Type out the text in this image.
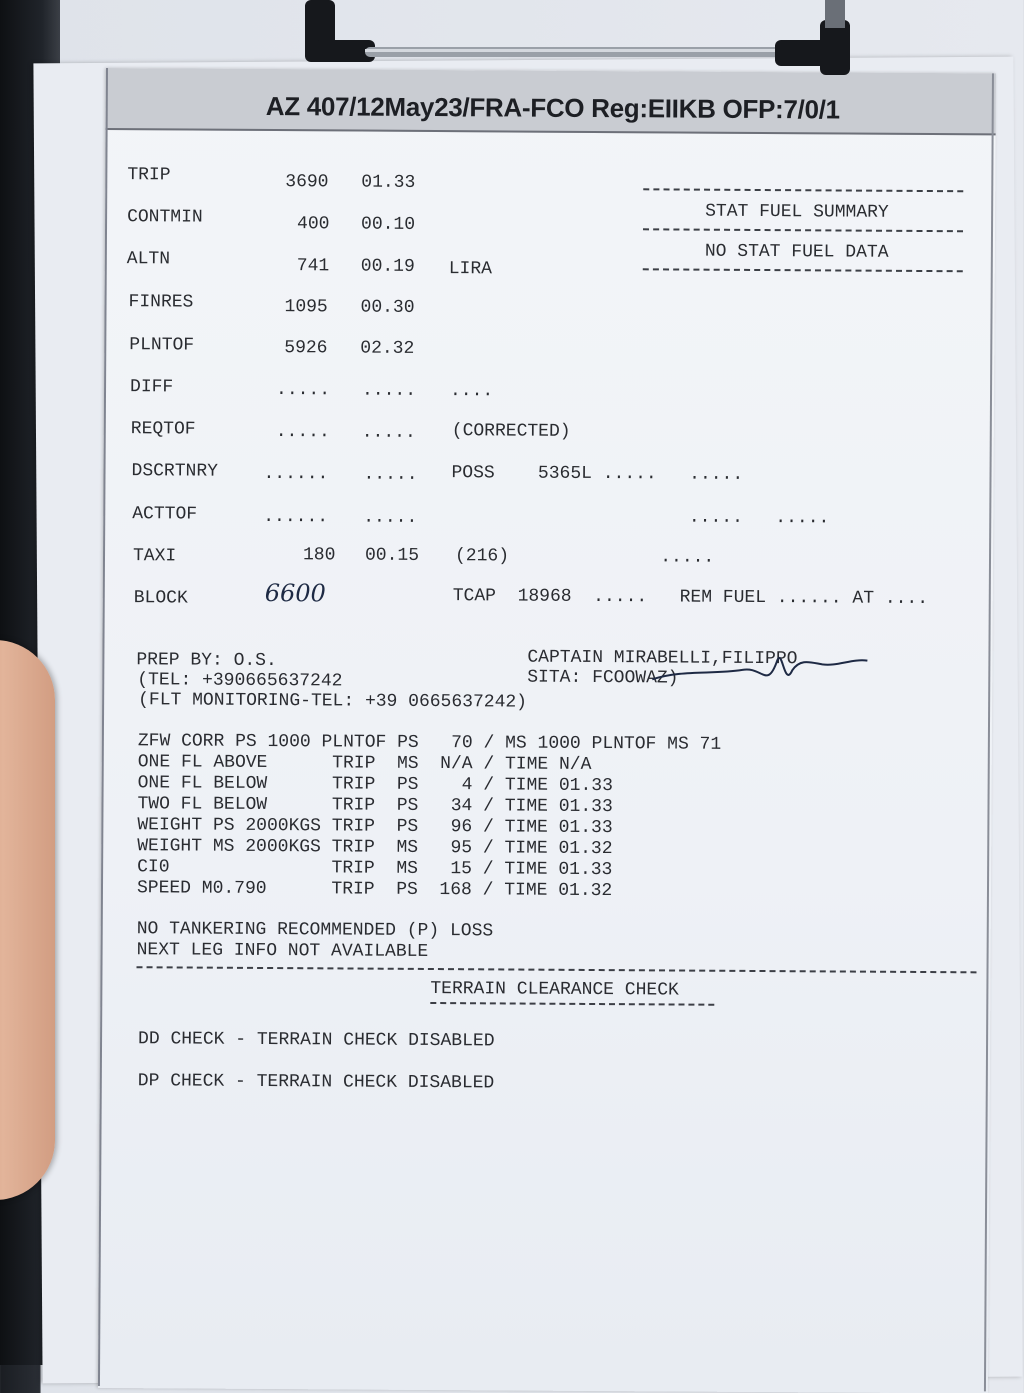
AZ 407/12May23/FRA-FCO Reg:EIIKB OFP:7/0/1
TRIP	3690 01.33
CONTMIN	400 00.10
ALTN	741 00.19 LIRA
FINRES	1095 00.30
PLNTOF	5926 02.32
DIFF	..... ..... ....
REQTOF	..... ..... (CORRECTED)
DSCRTNRY	...... ..... POSS    5365L .....   .....
ACTTOF	...... ..... .....   .....
TAXI	180 00.15 (216)              .....
BLOCK	6600	TCAP  18968  .....   REM FUEL ...... AT ....
STAT FUEL SUMMARY
NO STAT FUEL DATA
PREP BY: O.S.
(TEL: +390665637242
(FLT MONITORING-TEL: +39 0665637242)
CAPTAIN MIRABELLI,FILIPPO
SITA: FCOOWAZ)
ZFW CORR PS 1000 PLNTOF PS   70 / MS 1000 PLNTOF MS 71
ONE FL ABOVE      TRIP  MS  N/A / TIME N/A
ONE FL BELOW      TRIP  PS    4 / TIME 01.33
TWO FL BELOW      TRIP  PS   34 / TIME 01.33
WEIGHT PS 2000KGS TRIP  PS   96 / TIME 01.33
WEIGHT MS 2000KGS TRIP  MS   95 / TIME 01.32
CI0               TRIP  MS   15 / TIME 01.33
SPEED M0.790      TRIP  PS  168 / TIME 01.32
NO TANKERING RECOMMENDED (P) LOSS
NEXT LEG INFO NOT AVAILABLE
TERRAIN CLEARANCE CHECK
DD CHECK - TERRAIN CHECK DISABLED
DP CHECK - TERRAIN CHECK DISABLED
